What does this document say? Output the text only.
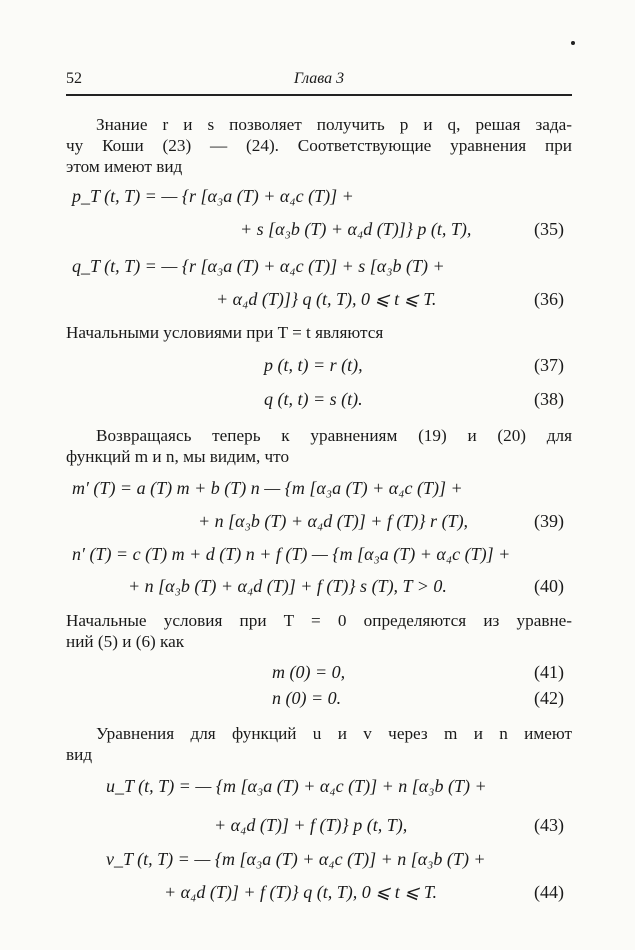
52	Глава 3
Знание r и s позволяет получить p и q, решая зада-
чу Коши (23) — (24). Соответствующие уравнения при
этом имеют вид
p_T (t, T) = — {r [α₃a (T) + α₄c (T)] +
+ s [α₃b (T) + α₄d (T)]} p (t, T),	(35)
q_T (t, T) = — {r [α₃a (T) + α₄c (T)] + s [α₃b (T) +
+ α₄d (T)]} q (t, T), 0 ⩽ t ⩽ T.	(36)
Начальными условиями при T = t являются
p (t, t) = r (t),	(37)
q (t, t) = s (t).	(38)
Возвращаясь теперь к уравнениям (19) и (20) для
функций m и n, мы видим, что
m′ (T) = a (T) m + b (T) n — {m [α₃a (T) + α₄c (T)] +
+ n [α₃b (T) + α₄d (T)] + f (T)} r (T),	(39)
n′ (T) = c (T) m + d (T) n + f (T) — {m [α₃a (T) + α₄c (T)] +
+ n [α₃b (T) + α₄d (T)] + f (T)} s (T), T > 0.	(40)
Начальные условия при T = 0 определяются из уравне-
ний (5) и (6) как
m (0) = 0,	(41)
n (0) = 0.	(42)
Уравнения для функций u и v через m и n имеют
вид
u_T (t, T) = — {m [α₃a (T) + α₄c (T)] + n [α₃b (T) +
+ α₄d (T)] + f (T)} p (t, T),	(43)
v_T (t, T) = — {m [α₃a (T) + α₄c (T)] + n [α₃b (T) +
+ α₄d (T)] + f (T)} q (t, T), 0 ⩽ t ⩽ T.	(44)
